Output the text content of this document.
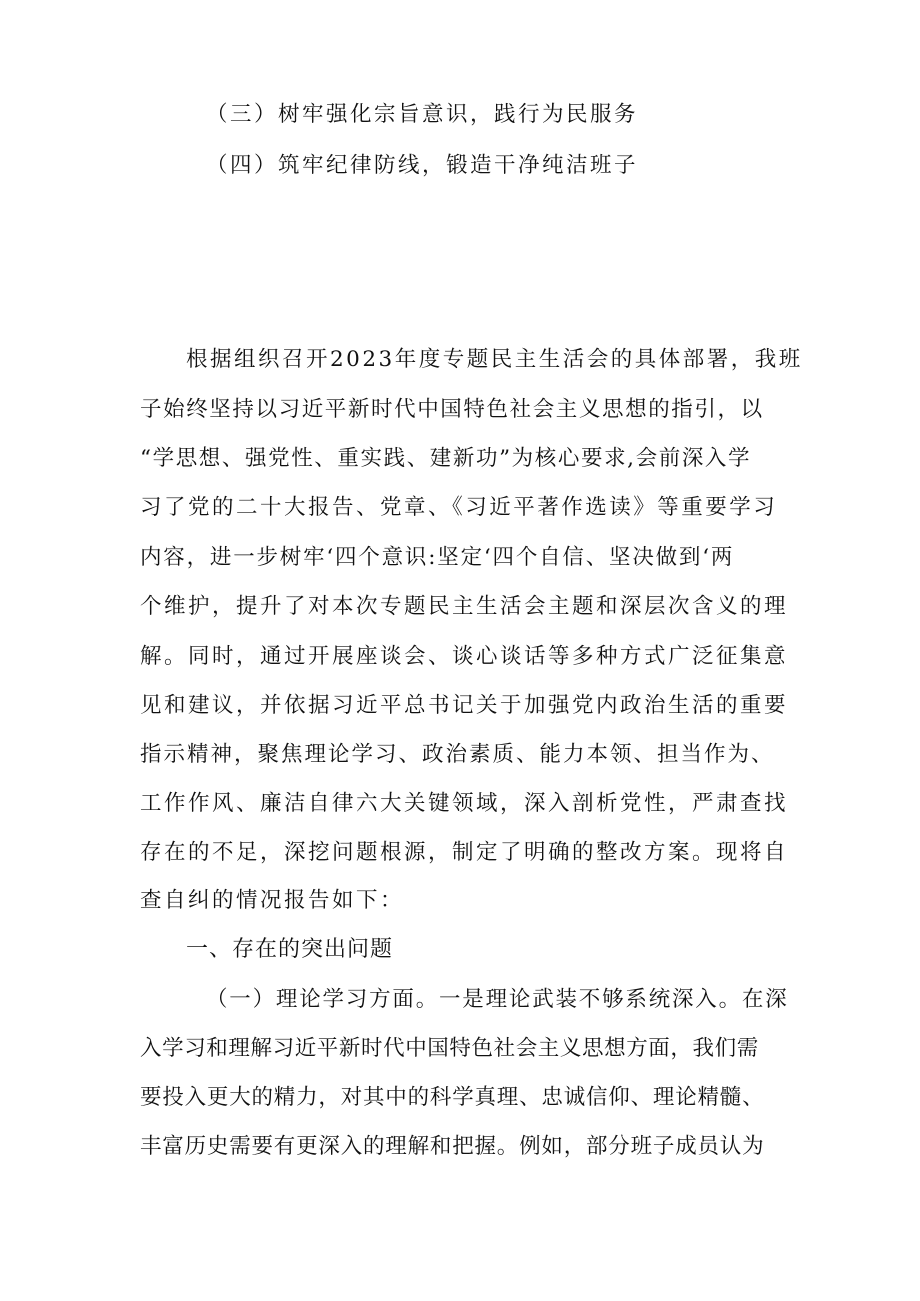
（三）树牢强化宗旨意识，践行为民服务
（四）筑牢纪律防线，锻造干净纯洁班子
根据组织召开2023年度专题民主生活会的具体部署，我班
子始终坚持以习近平新时代中国特色社会主义思想的指引，以
“学思想、强党性、重实践、建新功”为核心要求,会前深入学
习了党的二十大报告、党章、《习近平著作选读》等重要学习
内容，进一步树牢‘四个意识:坚定‘四个自信、坚决做到‘两
个维护，提升了对本次专题民主生活会主题和深层次含义的理
解。同时，通过开展座谈会、谈心谈话等多种方式广泛征集意
见和建议，并依据习近平总书记关于加强党内政治生活的重要
指示精神，聚焦理论学习、政治素质、能力本领、担当作为、
工作作风、廉洁自律六大关键领域，深入剖析党性，严肃查找
存在的不足，深挖问题根源，制定了明确的整改方案。现将自
查自纠的情况报告如下：
一、存在的突出问题
（一）理论学习方面。一是理论武装不够系统深入。在深
入学习和理解习近平新时代中国特色社会主义思想方面，我们需
要投入更大的精力，对其中的科学真理、忠诚信仰、理论精髓、
丰富历史需要有更深入的理解和把握。例如，部分班子成员认为
